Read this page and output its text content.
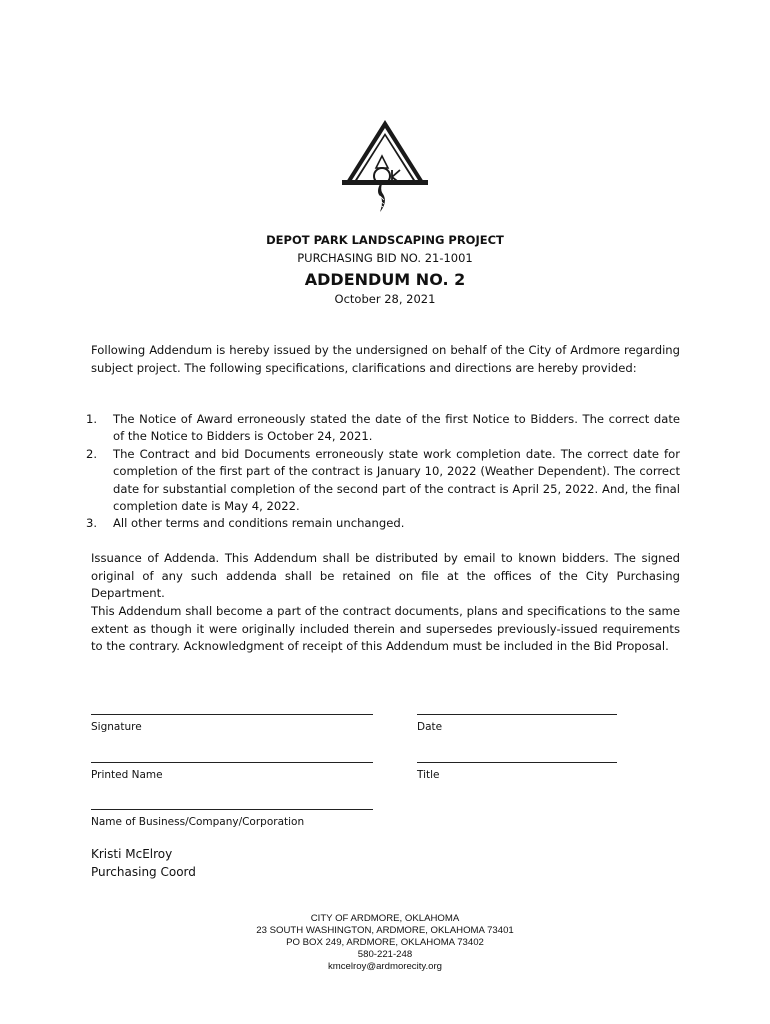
DEPOT PARK LANDSCAPING PROJECT
PURCHASING BID NO. 21-1001
ADDENDUM NO. 2
October 28, 2021
Following Addendum is hereby issued by the undersigned on behalf of the City of Ardmore regarding subject project. The following specifications, clarifications and directions are hereby provided:
1. The Notice of Award erroneously stated the date of the first Notice to Bidders. The correct date of the Notice to Bidders is October 24, 2021.
2. The Contract and bid Documents erroneously state work completion date. The correct date for completion of the first part of the contract is January 10, 2022 (Weather Dependent). The correct date for substantial completion of the second part of the contract is April 25, 2022. And, the final completion date is May 4, 2022.
3. All other terms and conditions remain unchanged.
Issuance of Addenda. This Addendum shall be distributed by email to known bidders. The signed original of any such addenda shall be retained on file at the offices of the City Purchasing Department.
This Addendum shall become a part of the contract documents, plans and specifications to the same extent as though it were originally included therein and supersedes previously-issued requirements to the contrary. Acknowledgment of receipt of this Addendum must be included in the Bid Proposal.
Signature	Date
Printed Name	Title
Name of Business/Company/Corporation
Kristi McElroy
Purchasing Coord
CITY OF ARDMORE, OKLAHOMA
23 SOUTH WASHINGTON, ARDMORE, OKLAHOMA 73401
PO BOX 249, ARDMORE, OKLAHOMA 73402
580-221-248
kmcelroy@ardmorecity.org
